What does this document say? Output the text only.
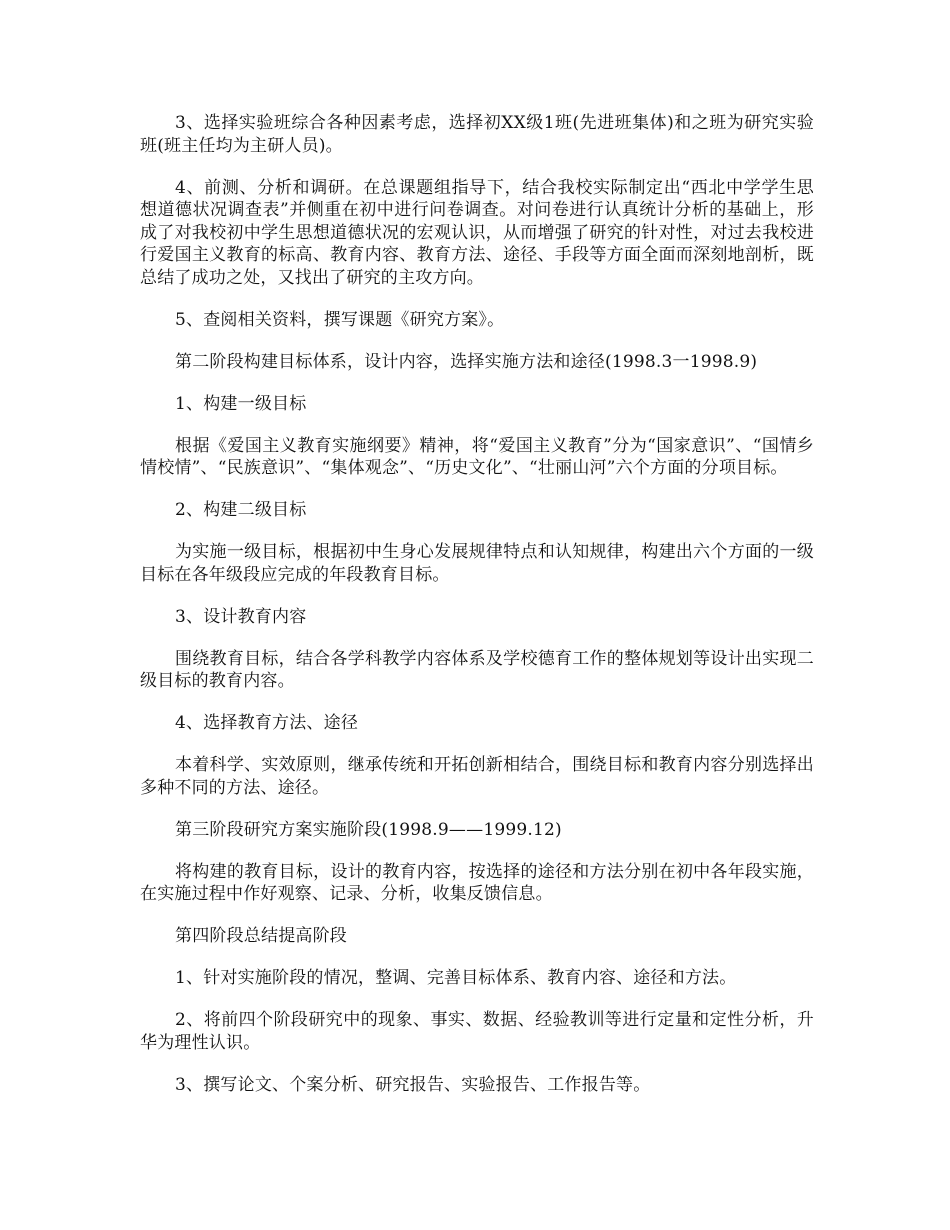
3、选择实验班综合各种因素考虑，选择初XX级1班(先进班集体)和之班为研究实验班(班主任均为主研人员)。

4、前测、分析和调研。在总课题组指导下，结合我校实际制定出“西北中学学生思想道德状况调查表”并侧重在初中进行问卷调查。对问卷进行认真统计分析的基础上，形成了对我校初中学生思想道德状况的宏观认识，从而增强了研究的针对性，对过去我校进行爱国主义教育的标高、教育内容、教育方法、途径、手段等方面全面而深刻地剖析，既总结了成功之处，又找出了研究的主攻方向。

5、查阅相关资料，撰写课题《研究方案》。

第二阶段构建目标体系，设计内容，选择实施方法和途径(1998.3一1998.9)

1、构建一级目标

根据《爱国主义教育实施纲要》精神，将“爱国主义教育”分为“国家意识”、“国情乡情校情”、“民族意识”、“集体观念”、“历史文化”、“壮丽山河”六个方面的分项目标。

2、构建二级目标

为实施一级目标，根据初中生身心发展规律特点和认知规律，构建出六个方面的一级目标在各年级段应完成的年段教育目标。

3、设计教育内容

围绕教育目标，结合各学科教学内容体系及学校德育工作的整体规划等设计出实现二级目标的教育内容。

4、选择教育方法、途径

本着科学、实效原则，继承传统和开拓创新相结合，围绕目标和教育内容分别选择出多种不同的方法、途径。

第三阶段研究方案实施阶段(1998.9——1999.12)

将构建的教育目标，设计的教育内容，按选择的途径和方法分别在初中各年段实施，在实施过程中作好观察、记录、分析，收集反馈信息。

第四阶段总结提高阶段

1、针对实施阶段的情况，整调、完善目标体系、教育内容、途径和方法。

2、将前四个阶段研究中的现象、事实、数据、经验教训等进行定量和定性分析，升华为理性认识。

3、撰写论文、个案分析、研究报告、实验报告、工作报告等。
